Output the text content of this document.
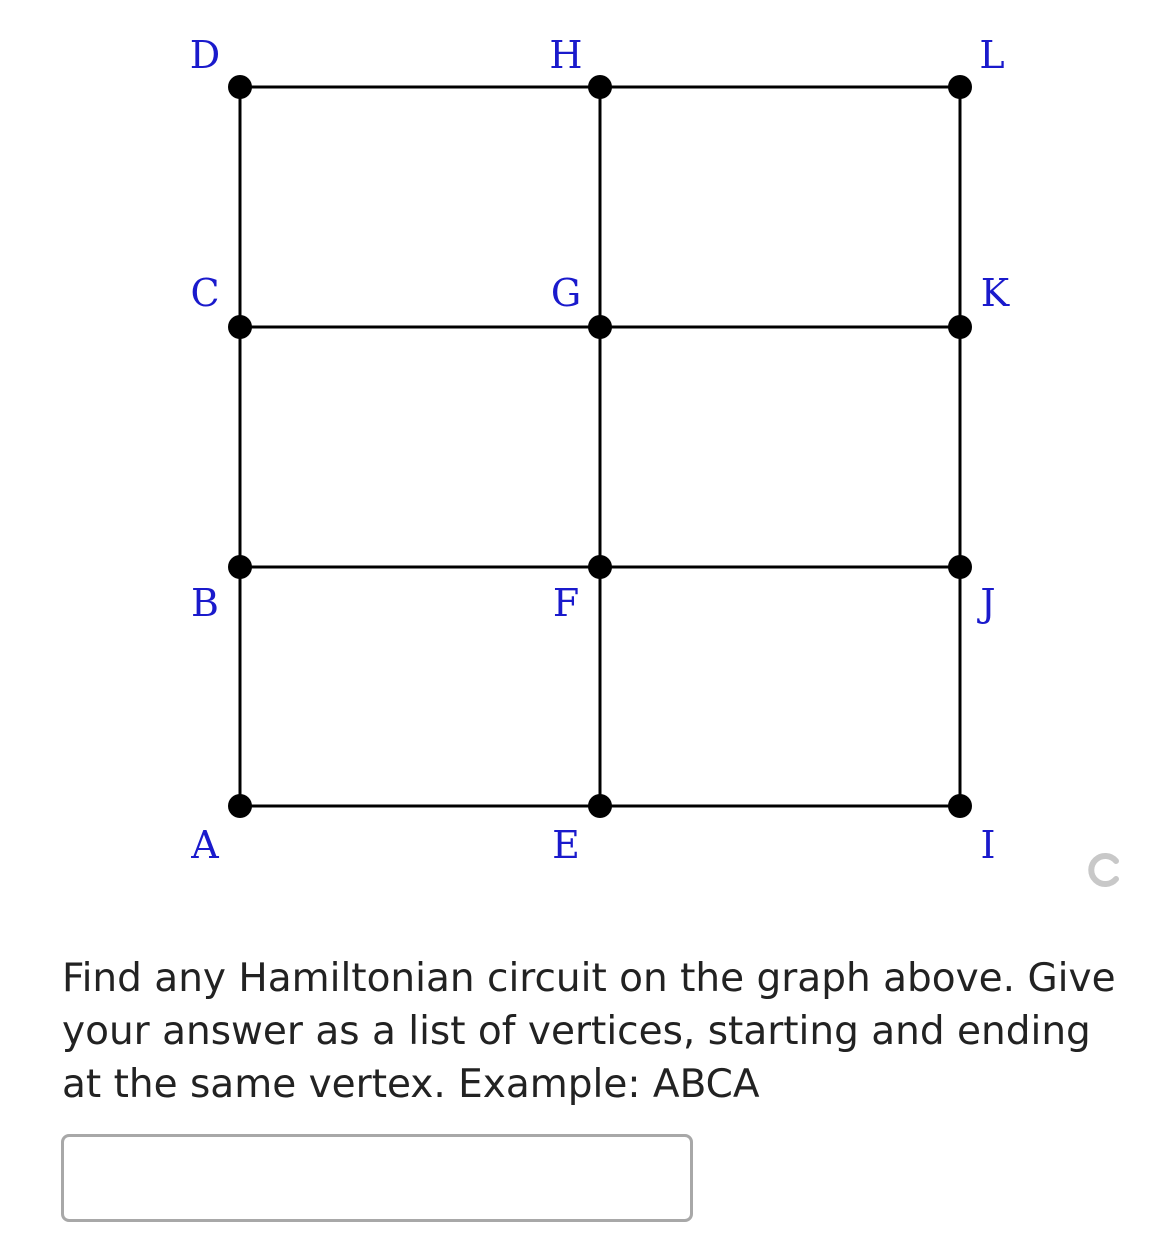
A
B
C
D
E
F
G
H
I
J
K
L
Find any Hamiltonian circuit on the graph above. Give your answer as a list of vertices, starting and ending at the same vertex. Example: ABCA
